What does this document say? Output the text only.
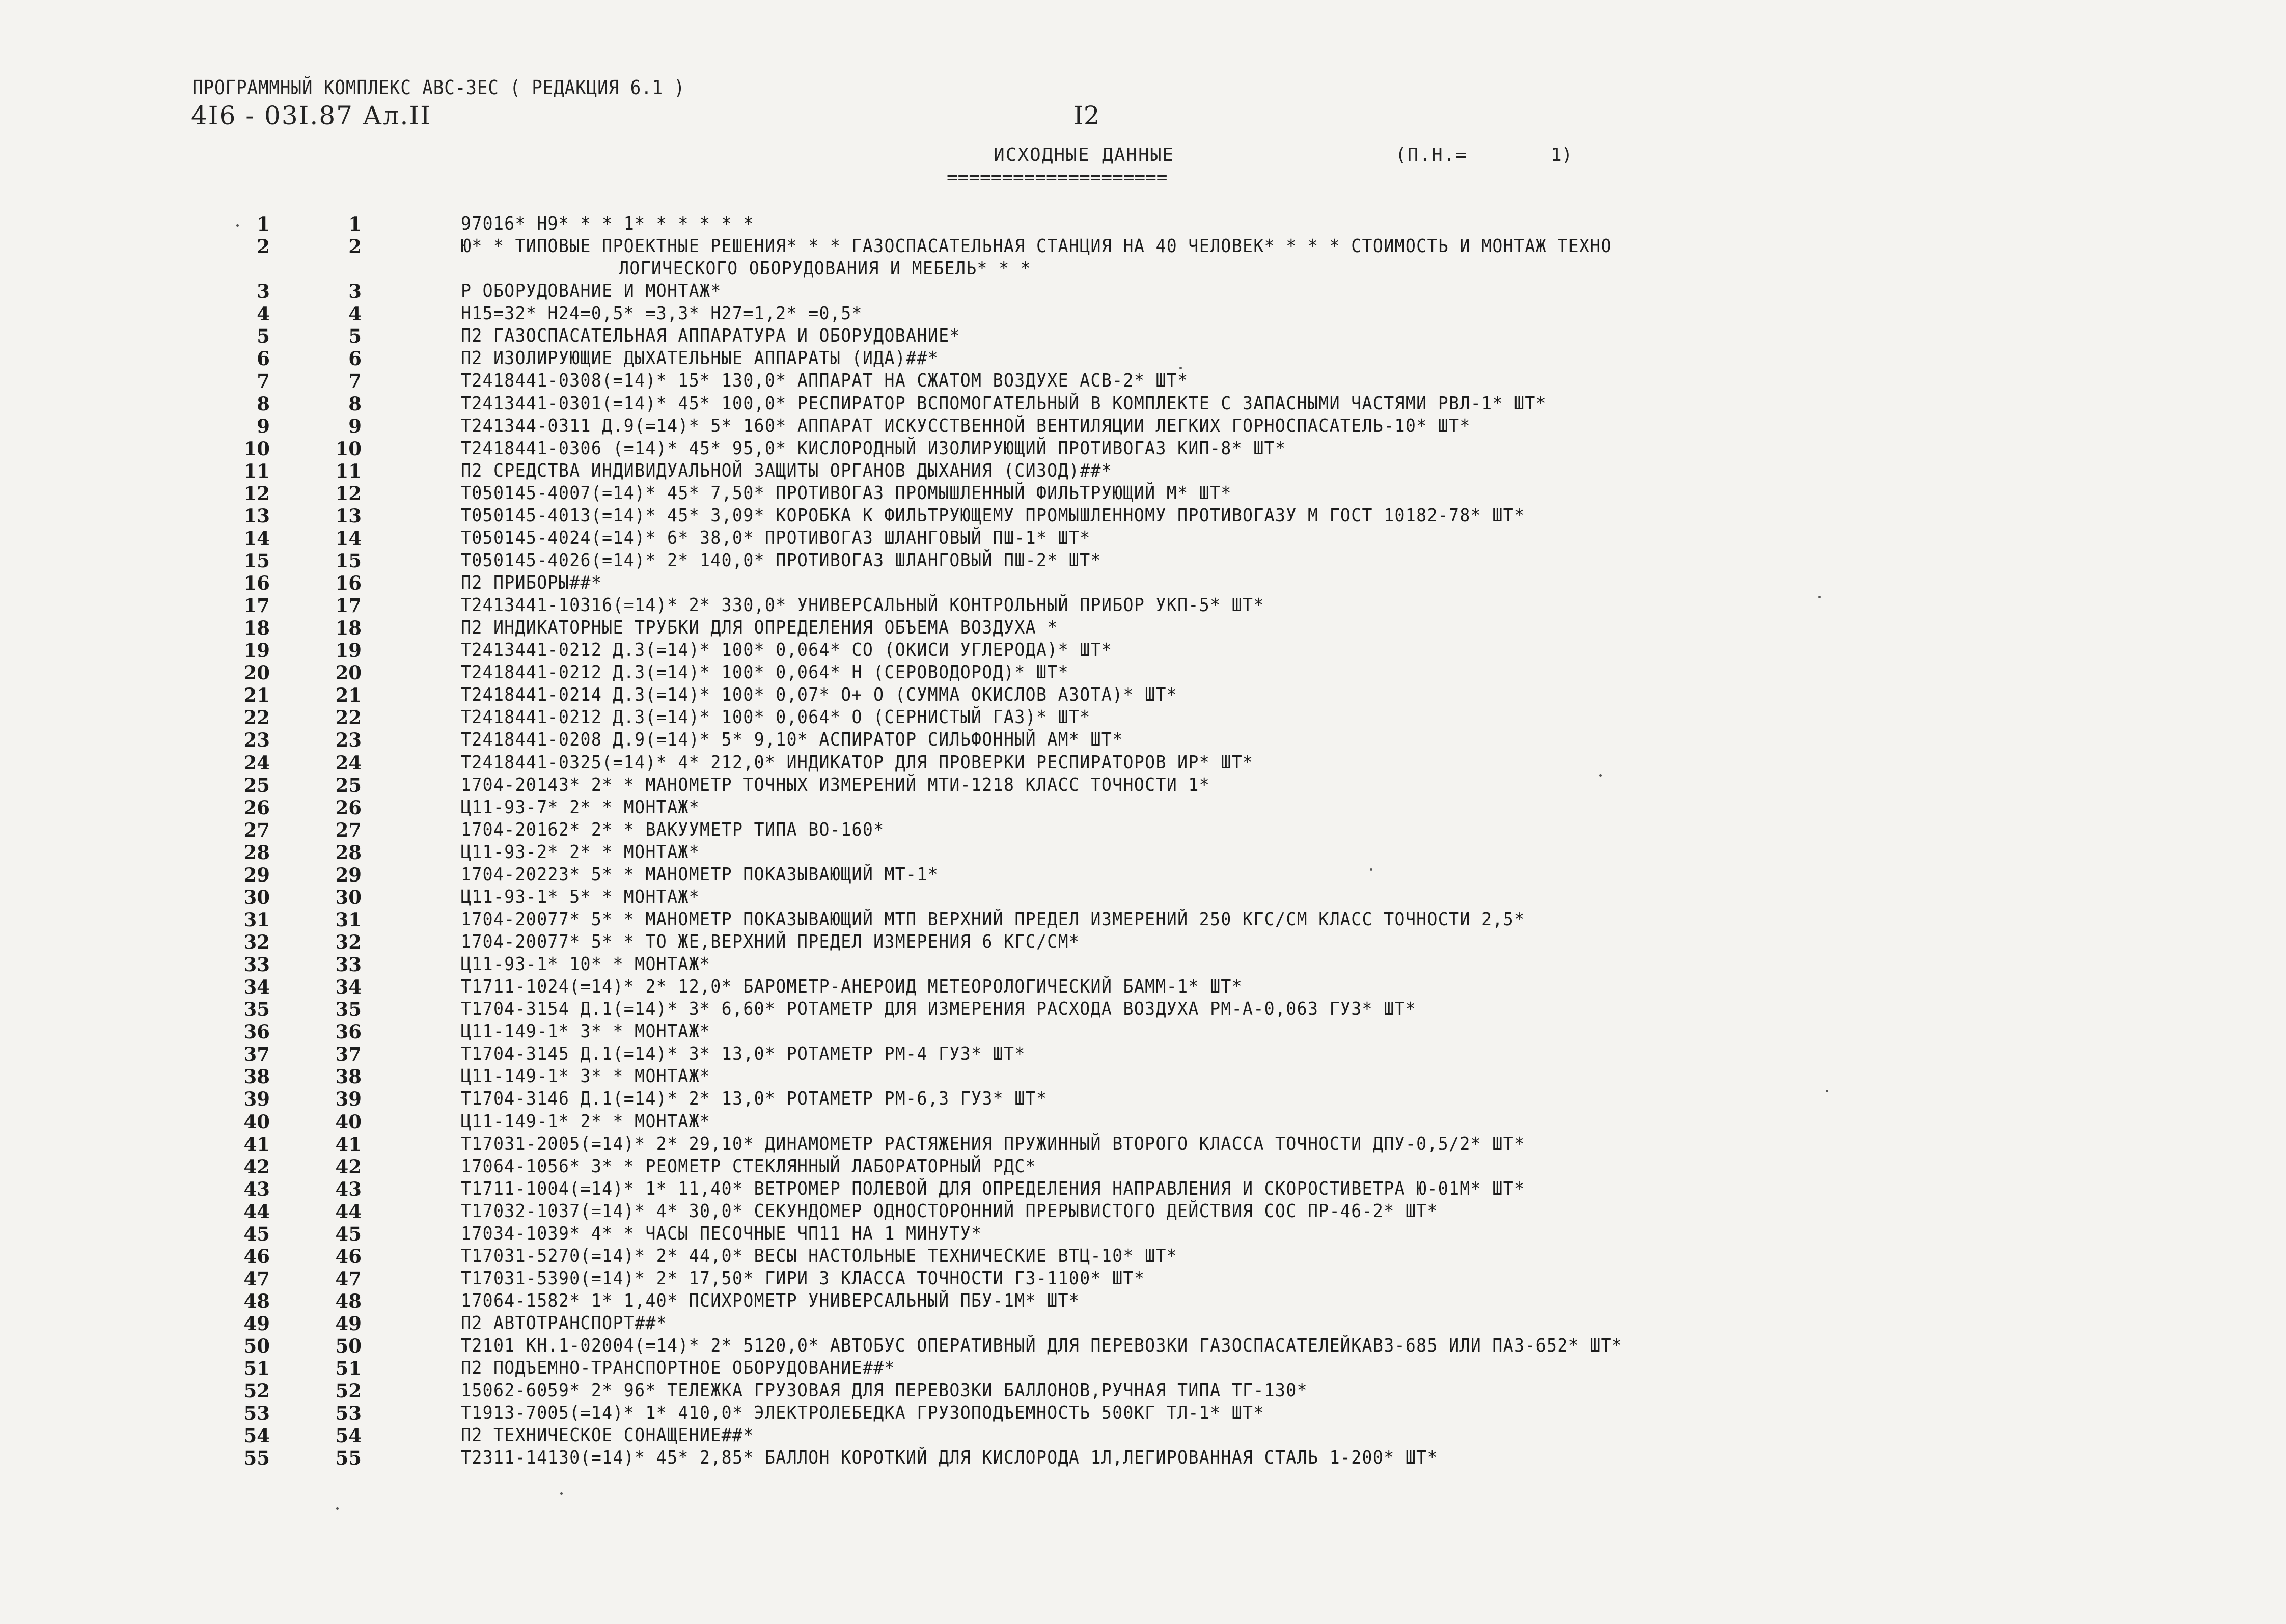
ПРОГРАММНЫЙ КОМПЛЕКС АВС-ЗЕС ( РЕДАКЦИЯ 6.1 )
4I6 - 03I.87 Ал.II	I2
ИСХОДНЫЕ ДАННЫЕ	(П.Н.=	1)
====================
1	1	97016* Н9* * * 1* * * * * *
2	2	Ю* * ТИПОВЫЕ ПРОЕКТНЫЕ РЕШЕНИЯ* * * ГАЗОСПАСАТЕЛЬНАЯ СТАНЦИЯ НА 40 ЧЕЛОВЕК* * * * СТОИМОСТЬ И МОНТАЖ ТЕХНО
ЛОГИЧЕСКОГО ОБОРУДОВАНИЯ И МЕБЕЛЬ* * *
3	3	Р ОБОРУДОВАНИЕ И МОНТАЖ*
4	4	Н15=32* Н24=0,5* =3,3* Н27=1,2* =0,5*
5	5	П2 ГАЗОСПАСАТЕЛЬНАЯ АППАРАТУРА И ОБОРУДОВАНИЕ*
6	6	П2 ИЗОЛИРУЮЩИЕ ДЫХАТЕЛЬНЫЕ АППАРАТЫ (ИДА)##*
7	7	Т2418441-0308(=14)* 15* 130,0* АППАРАТ НА СЖАТОМ ВОЗДУХЕ АСВ-2* ШТ*
8	8	Т2413441-0301(=14)* 45* 100,0* РЕСПИРАТОР ВСПОМОГАТЕЛЬНЫЙ В КОМПЛЕКТЕ С ЗАПАСНЫМИ ЧАСТЯМИ РВЛ-1* ШТ*
9	9	Т241344-0311 Д.9(=14)* 5* 160* АППАРАТ ИСКУССТВЕННОЙ ВЕНТИЛЯЦИИ ЛЕГКИХ ГОРНОСПАСАТЕЛЬ-10* ШТ*
10	10	Т2418441-0306 (=14)* 45* 95,0* КИСЛОРОДНЫЙ ИЗОЛИРУЮЩИЙ ПРОТИВОГАЗ КИП-8* ШТ*
11	11	П2 СРЕДСТВА ИНДИВИДУАЛЬНОЙ ЗАЩИТЫ ОРГАНОВ ДЫХАНИЯ (СИЗОД)##*
12	12	Т050145-4007(=14)* 45* 7,50* ПРОТИВОГАЗ ПРОМЫШЛЕННЫЙ ФИЛЬТРУЮЩИЙ М* ШТ*
13	13	Т050145-4013(=14)* 45* 3,09* КОРОБКА К ФИЛЬТРУЮЩЕМУ ПРОМЫШЛЕННОМУ ПРОТИВОГАЗУ М ГОСТ 10182-78* ШТ*
14	14	Т050145-4024(=14)* 6* 38,0* ПРОТИВОГАЗ ШЛАНГОВЫЙ ПШ-1* ШТ*
15	15	Т050145-4026(=14)* 2* 140,0* ПРОТИВОГАЗ ШЛАНГОВЫЙ ПШ-2* ШТ*
16	16	П2 ПРИБОРЫ##*
17	17	Т2413441-10316(=14)* 2* 330,0* УНИВЕРСАЛЬНЫЙ КОНТРОЛЬНЫЙ ПРИБОР УКП-5* ШТ*
18	18	П2 ИНДИКАТОРНЫЕ ТРУБКИ ДЛЯ ОПРЕДЕЛЕНИЯ ОБЪЕМА ВОЗДУХА *
19	19	Т2413441-0212 Д.3(=14)* 100* 0,064* СО (ОКИСИ УГЛЕРОДА)* ШТ*
20	20	Т2418441-0212 Д.3(=14)* 100* 0,064* Н (СЕРОВОДОРОД)* ШТ*
21	21	Т2418441-0214 Д.3(=14)* 100* 0,07* О+ О (СУММА ОКИСЛОВ АЗОТА)* ШТ*
22	22	Т2418441-0212 Д.3(=14)* 100* 0,064* О (СЕРНИСТЫЙ ГАЗ)* ШТ*
23	23	Т2418441-0208 Д.9(=14)* 5* 9,10* АСПИРАТОР СИЛЬФОННЫЙ АМ* ШТ*
24	24	Т2418441-0325(=14)* 4* 212,0* ИНДИКАТОР ДЛЯ ПРОВЕРКИ РЕСПИРАТОРОВ ИР* ШТ*
25	25	1704-20143* 2* * МАНОМЕТР ТОЧНЫХ ИЗМЕРЕНИЙ МТИ-1218 КЛАСС ТОЧНОСТИ 1*
26	26	Ц11-93-7* 2* * МОНТАЖ*
27	27	1704-20162* 2* * ВАКУУМЕТР ТИПА ВО-160*
28	28	Ц11-93-2* 2* * МОНТАЖ*
29	29	1704-20223* 5* * МАНОМЕТР ПОКАЗЫВАЮЩИЙ МТ-1*
30	30	Ц11-93-1* 5* * МОНТАЖ*
31	31	1704-20077* 5* * МАНОМЕТР ПОКАЗЫВАЮЩИЙ МТП ВЕРХНИЙ ПРЕДЕЛ ИЗМЕРЕНИЙ 250 КГС/СМ КЛАСС ТОЧНОСТИ 2,5*
32	32	1704-20077* 5* * ТО ЖЕ,ВЕРХНИЙ ПРЕДЕЛ ИЗМЕРЕНИЯ 6 КГС/СМ*
33	33	Ц11-93-1* 10* * МОНТАЖ*
34	34	Т1711-1024(=14)* 2* 12,0* БАРОМЕТР-АНЕРОИД МЕТЕОРОЛОГИЧЕСКИЙ БАММ-1* ШТ*
35	35	Т1704-3154 Д.1(=14)* 3* 6,60* РОТАМЕТР ДЛЯ ИЗМЕРЕНИЯ РАСХОДА ВОЗДУХА РМ-А-0,063 ГУЗ* ШТ*
36	36	Ц11-149-1* 3* * МОНТАЖ*
37	37	Т1704-3145 Д.1(=14)* 3* 13,0* РОТАМЕТР РМ-4 ГУЗ* ШТ*
38	38	Ц11-149-1* 3* * МОНТАЖ*
39	39	Т1704-3146 Д.1(=14)* 2* 13,0* РОТАМЕТР РМ-6,3 ГУЗ* ШТ*
40	40	Ц11-149-1* 2* * МОНТАЖ*
41	41	Т17031-2005(=14)* 2* 29,10* ДИНАМОМЕТР РАСТЯЖЕНИЯ ПРУЖИННЫЙ ВТОРОГО КЛАССА ТОЧНОСТИ ДПУ-0,5/2* ШТ*
42	42	17064-1056* 3* * РЕОМЕТР СТЕКЛЯННЫЙ ЛАБОРАТОРНЫЙ РДС*
43	43	Т1711-1004(=14)* 1* 11,40* ВЕТРОМЕР ПОЛЕВОЙ ДЛЯ ОПРЕДЕЛЕНИЯ НАПРАВЛЕНИЯ И СКОРОСТИВЕТРА Ю-01М* ШТ*
44	44	Т17032-1037(=14)* 4* 30,0* СЕКУНДОМЕР ОДНОСТОРОННИЙ ПРЕРЫВИСТОГО ДЕЙСТВИЯ СОС ПР-46-2* ШТ*
45	45	17034-1039* 4* * ЧАСЫ ПЕСОЧНЫЕ ЧП11 НА 1 МИНУТУ*
46	46	Т17031-5270(=14)* 2* 44,0* ВЕСЫ НАСТОЛЬНЫЕ ТЕХНИЧЕСКИЕ ВТЦ-10* ШТ*
47	47	Т17031-5390(=14)* 2* 17,50* ГИРИ 3 КЛАССА ТОЧНОСТИ ГЗ-1100* ШТ*
48	48	17064-1582* 1* 1,40* ПСИХРОМЕТР УНИВЕРСАЛЬНЫЙ ПБУ-1М* ШТ*
49	49	П2 АВТОТРАНСПОРТ##*
50	50	Т2101 КН.1-02004(=14)* 2* 5120,0* АВТОБУС ОПЕРАТИВНЫЙ ДЛЯ ПЕРЕВОЗКИ ГАЗОСПАСАТЕЛЕЙКАВЗ-685 ИЛИ ПАЗ-652* ШТ*
51	51	П2 ПОДЪЕМНО-ТРАНСПОРТНОЕ ОБОРУДОВАНИЕ##*
52	52	15062-6059* 2* 96* ТЕЛЕЖКА ГРУЗОВАЯ ДЛЯ ПЕРЕВОЗКИ БАЛЛОНОВ,РУЧНАЯ ТИПА ТГ-130*
53	53	Т1913-7005(=14)* 1* 410,0* ЭЛЕКТРОЛЕБЕДКА ГРУЗОПОДЪЕМНОСТЬ 500КГ ТЛ-1* ШТ*
54	54	П2 ТЕХНИЧЕСКОЕ СОНАЩЕНИЕ##*
55	55	Т2311-14130(=14)* 45* 2,85* БАЛЛОН КОРОТКИЙ ДЛЯ КИСЛОРОДА 1Л,ЛЕГИРОВАННАЯ СТАЛЬ 1-200* ШТ*
